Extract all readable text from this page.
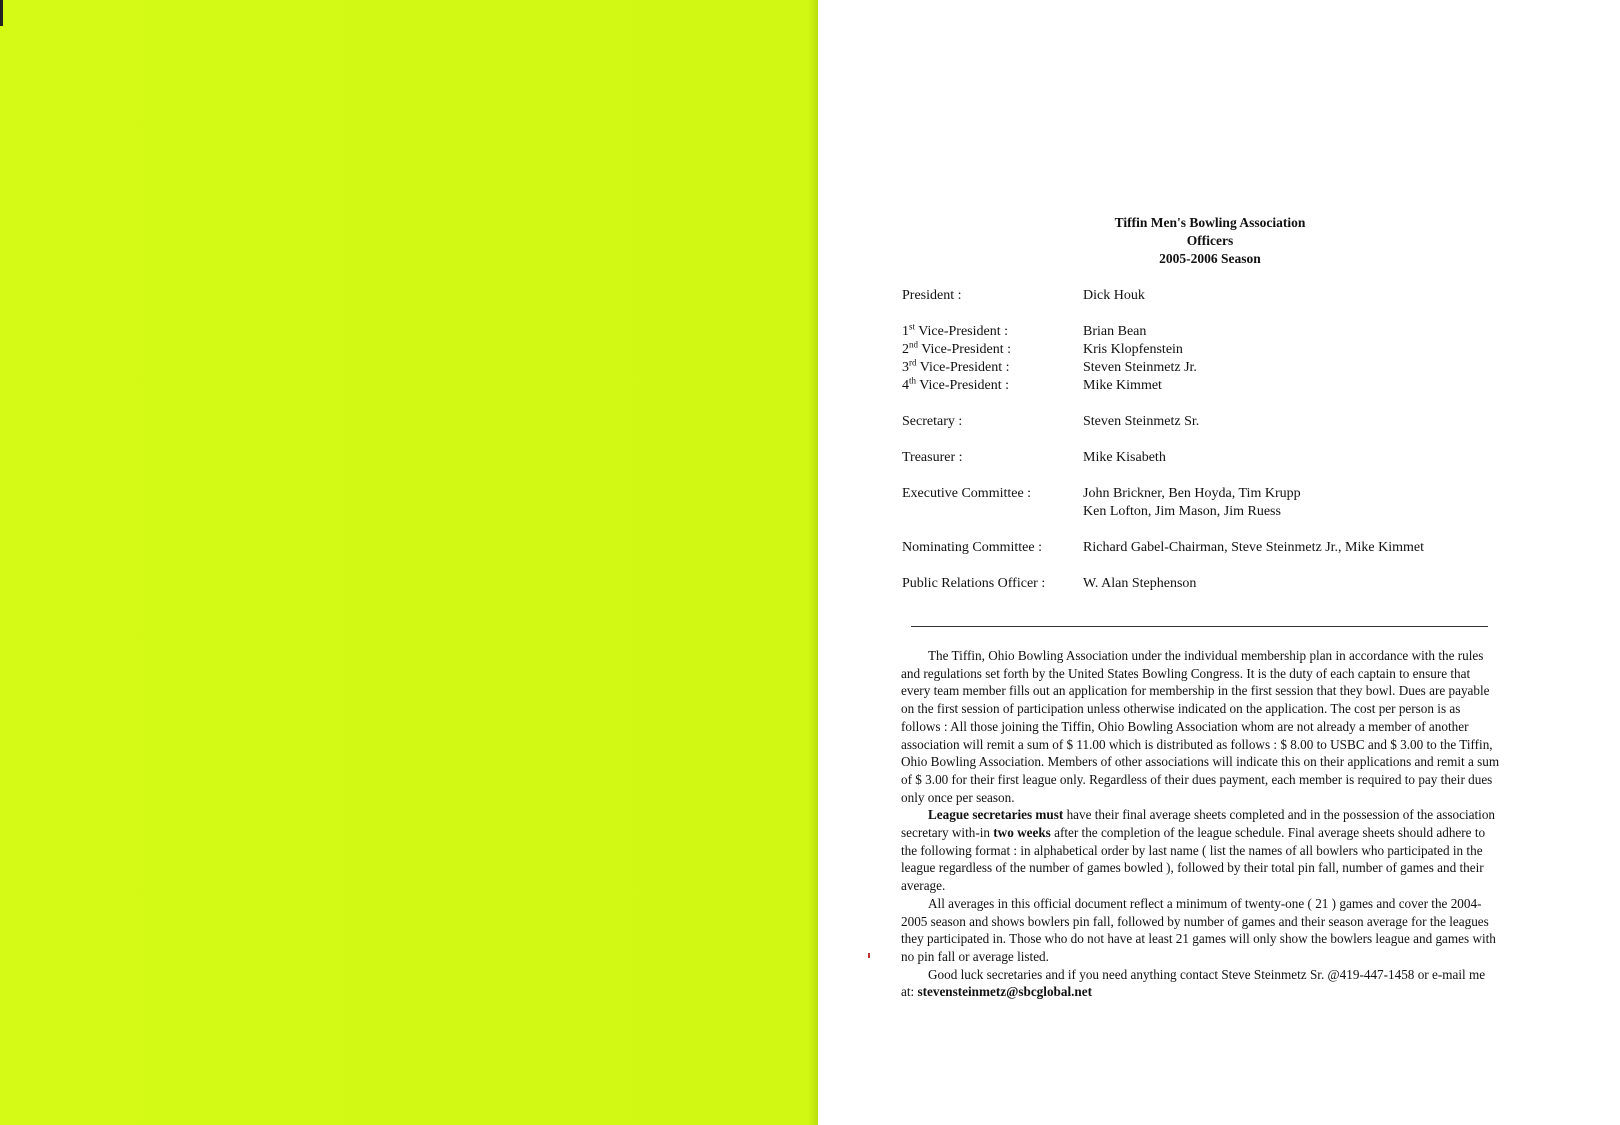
Tiffin Men's Bowling Association
Officers
2005-2006 Season
President :	Dick Houk
1st Vice-President :	Brian Bean
2nd Vice-President :	Kris Klopfenstein
3rd Vice-President :	Steven Steinmetz Jr.
4th Vice-President :	Mike Kimmet
Secretary :	Steven Steinmetz Sr.
Treasurer :	Mike Kisabeth
Executive Committee :	John Brickner, Ben Hoyda, Tim Krupp
Ken Lofton, Jim Mason, Jim Ruess
Nominating Committee :	Richard Gabel-Chairman, Steve Steinmetz Jr., Mike Kimmet
Public Relations Officer :	W. Alan Stephenson

The Tiffin, Ohio Bowling Association under the individual membership plan in accordance with the rules and regulations set forth by the United States Bowling Congress. It is the duty of each captain to ensure that every team member fills out an application for membership in the first session that they bowl. Dues are payable on the first session of participation unless otherwise indicated on the application. The cost per person is as follows : All those joining the Tiffin, Ohio Bowling Association whom are not already a member of another association will remit a sum of $ 11.00 which is distributed as follows : $ 8.00 to USBC and $ 3.00 to the Tiffin, Ohio Bowling Association. Members of other associations will indicate this on their applications and remit a sum of $ 3.00 for their first league only. Regardless of their dues payment, each member is required to pay their dues only once per season.

League secretaries must have their final average sheets completed and in the possession of the association secretary with-in two weeks after the completion of the league schedule. Final average sheets should adhere to the following format : in alphabetical order by last name ( list the names of all bowlers who participated in the league regardless of the number of games bowled ), followed by their total pin fall, number of games and their average.

All averages in this official document reflect a minimum of twenty-one ( 21 ) games and cover the 2004-2005 season and shows bowlers pin fall, followed by number of games and their season average for the leagues they participated in. Those who do not have at least 21 games will only show the bowlers league and games with no pin fall or average listed.

Good luck secretaries and if you need anything contact Steve Steinmetz Sr. @419-447-1458 or e-mail me at: stevensteinmetz@sbcglobal.net
